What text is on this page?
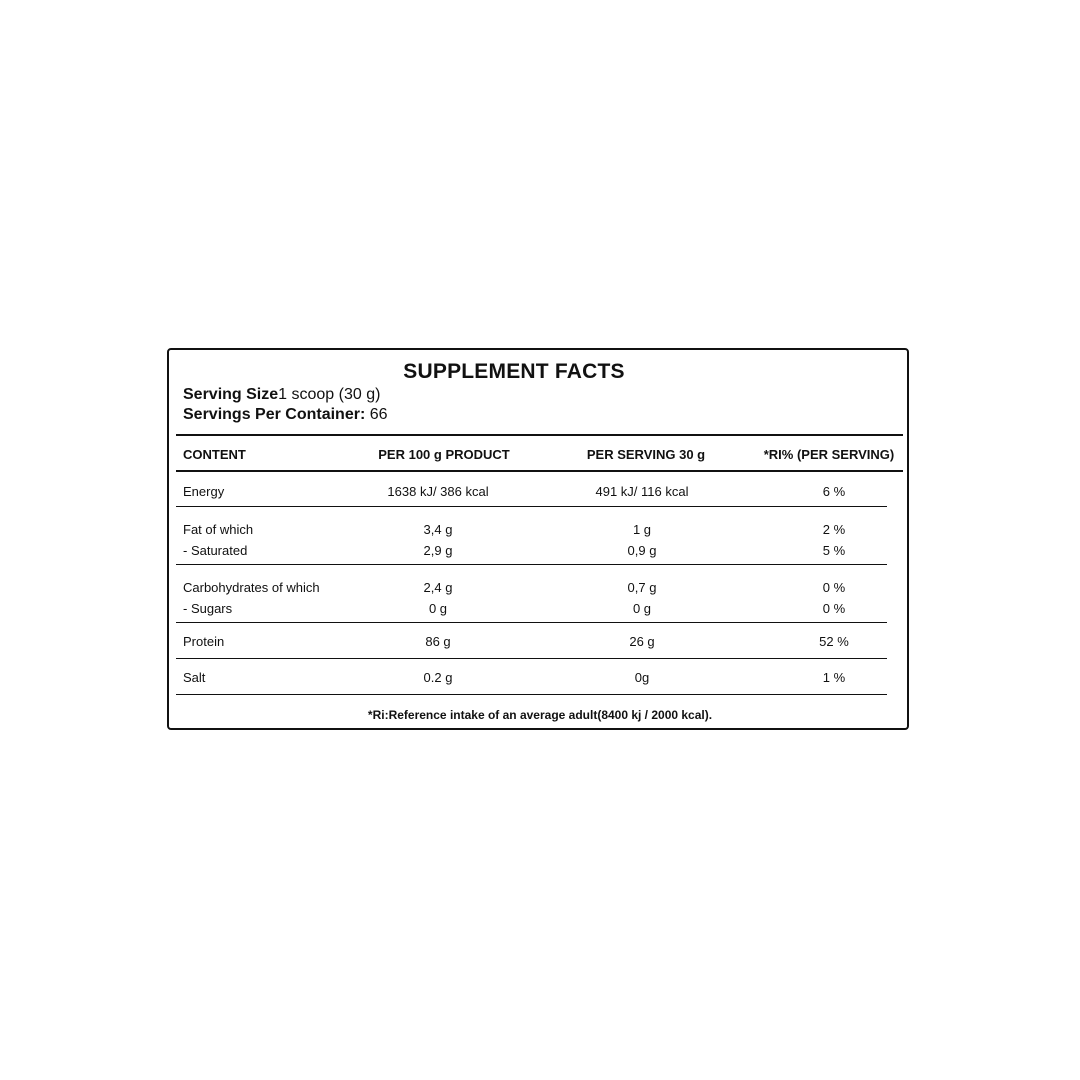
SUPPLEMENT FACTS
Serving Size1 scoop (30 g)
Servings Per Container: 66
CONTENT	PER 100 g PRODUCT	PER SERVING 30 g	*RI% (PER SERVING)
Energy	1638 kJ/ 386 kcal	491 kJ/ 116 kcal	6 %
Fat of which	3,4 g	1 g	2 %
- Saturated	2,9 g	0,9 g	5 %
Carbohydrates of which	2,4 g	0,7 g	0 %
- Sugars	0 g	0 g	0 %
Protein	86 g	26 g	52 %
Salt	0.2 g	0g	1 %
*Ri:Reference intake of an average adult(8400 kj / 2000 kcal).
